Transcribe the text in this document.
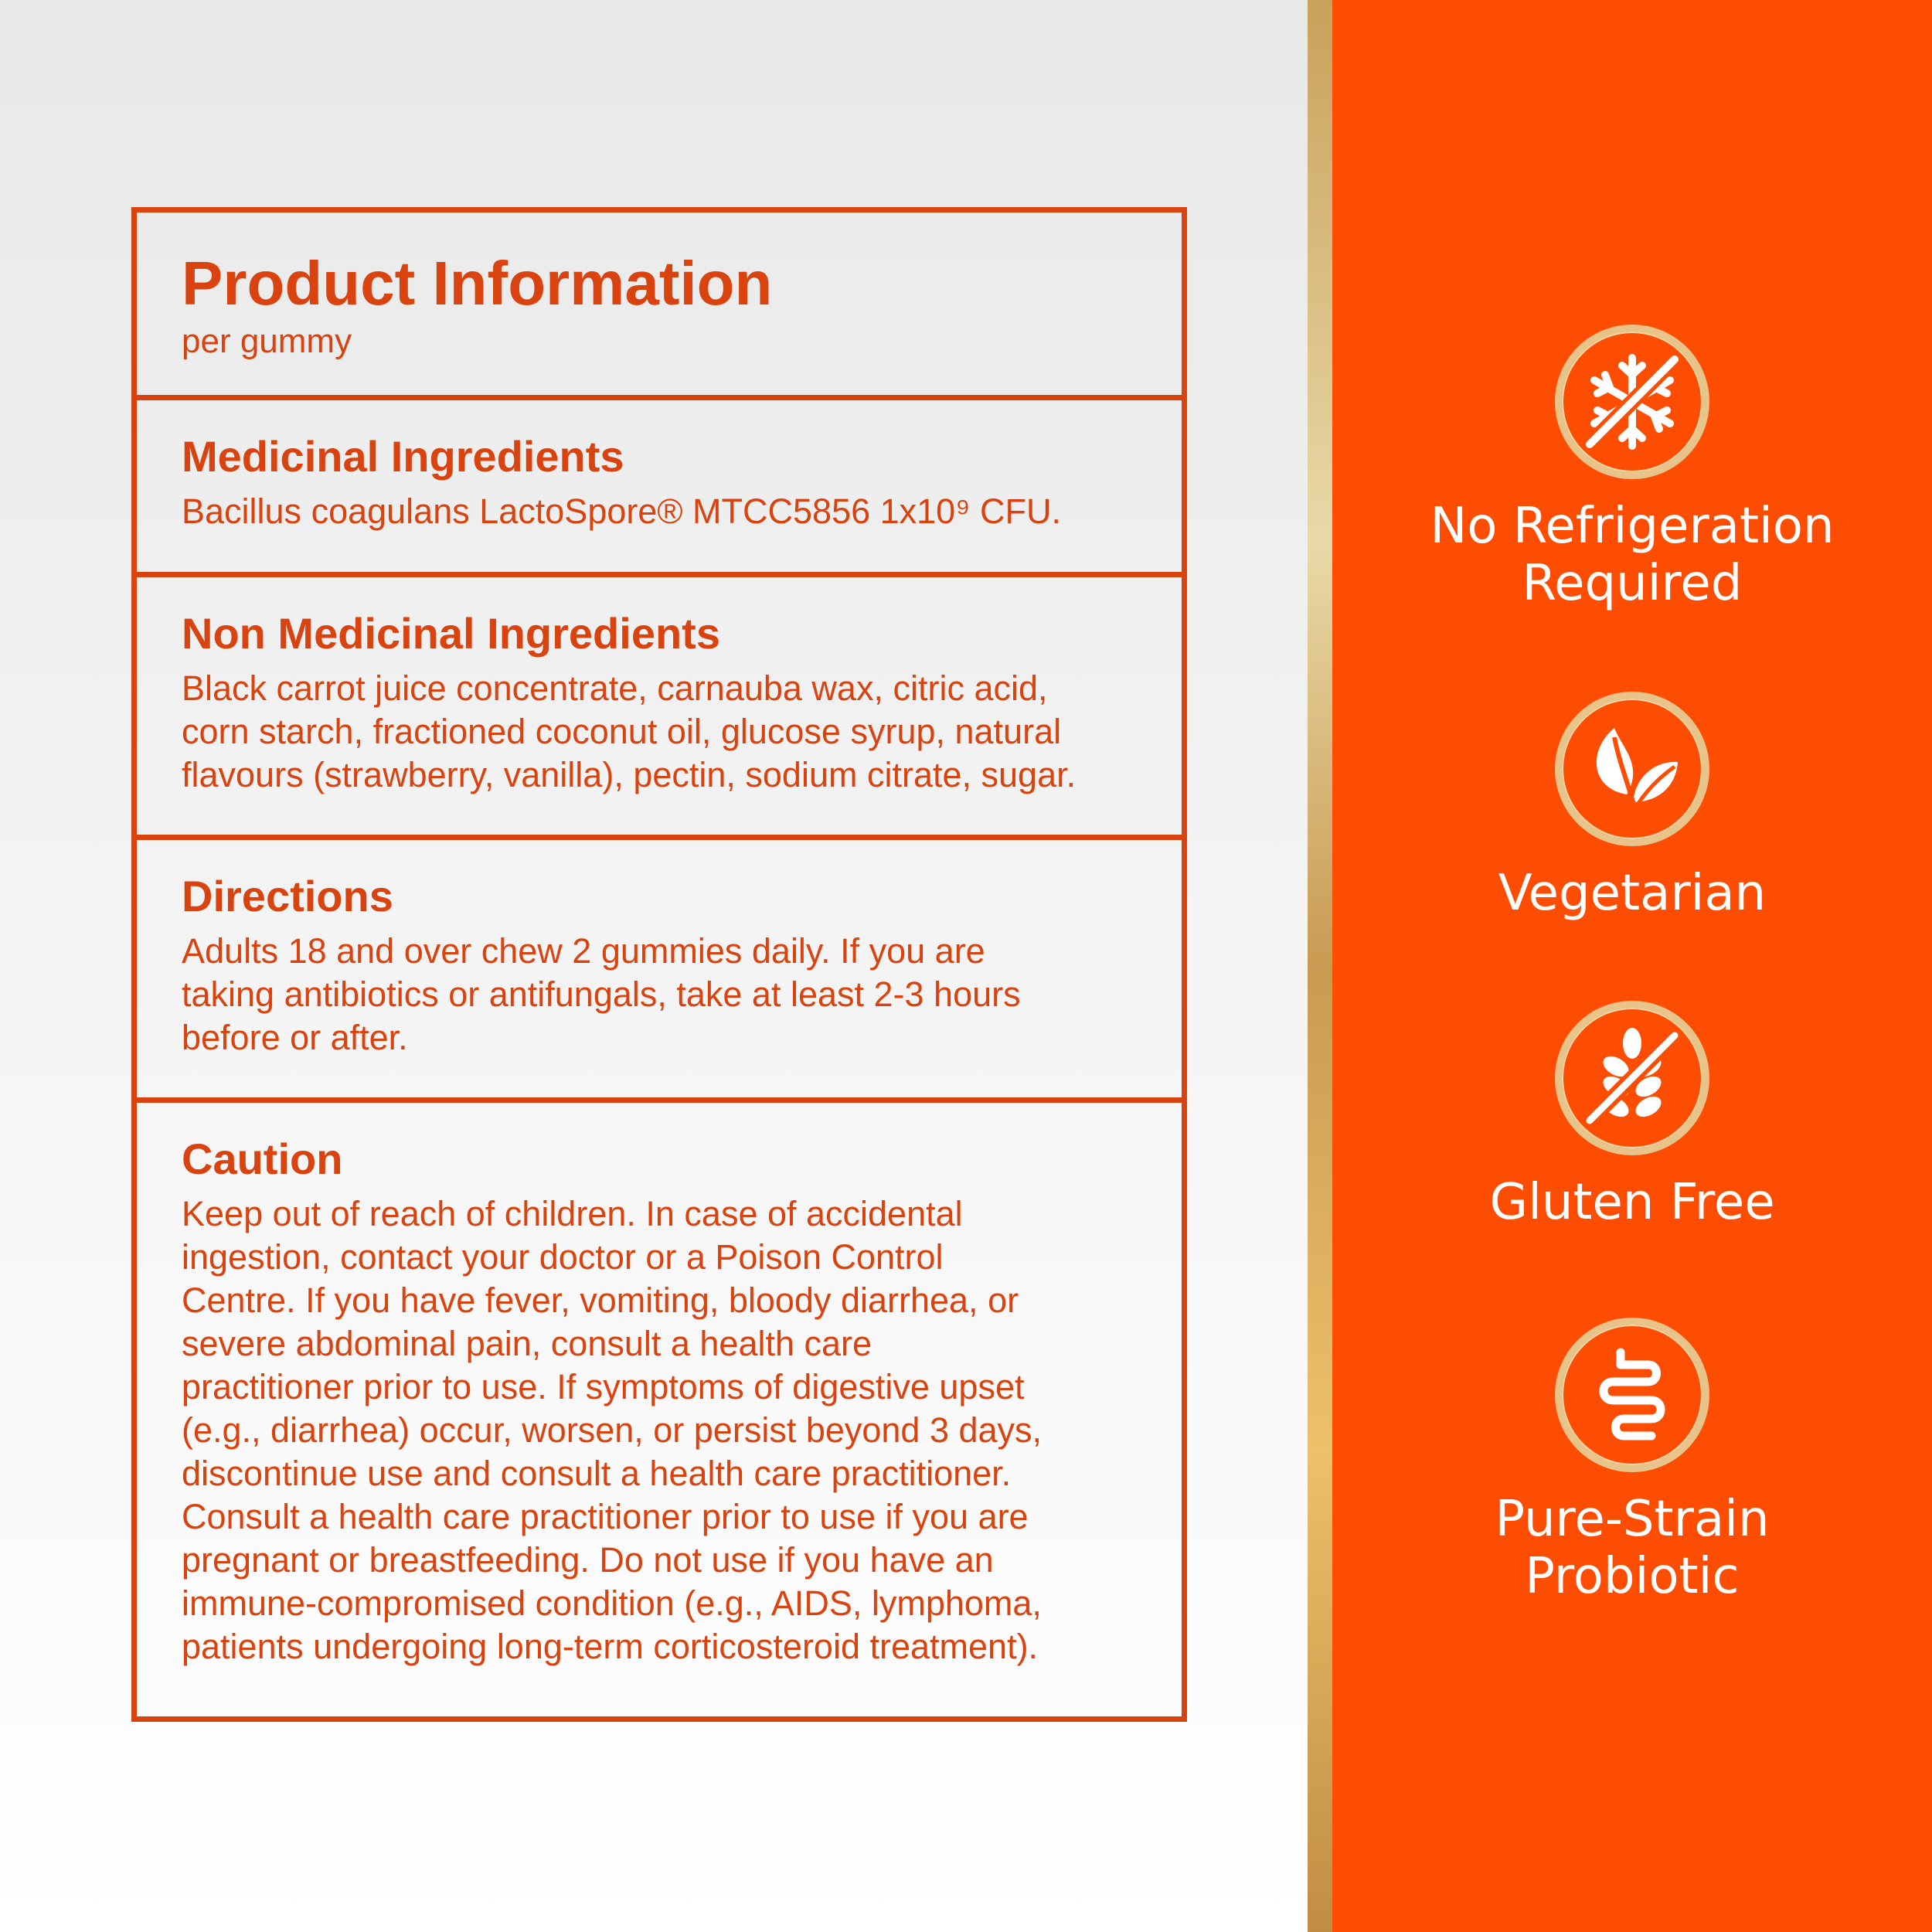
Product Information
per gummy
Medicinal Ingredients
Bacillus coagulans LactoSpore® MTCC5856 1x10⁹ CFU.
Non Medicinal Ingredients
Black carrot juice concentrate, carnauba wax, citric acid,
corn starch, fractioned coconut oil, glucose syrup, natural
flavours (strawberry, vanilla), pectin, sodium citrate, sugar.
Directions
Adults 18 and over chew 2 gummies daily. If you are
taking antibiotics or antifungals, take at least 2-3 hours
before or after.
Caution
Keep out of reach of children. In case of accidental
ingestion, contact your doctor or a Poison Control
Centre. If you have fever, vomiting, bloody diarrhea, or
severe abdominal pain, consult a health care
practitioner prior to use. If symptoms of digestive upset
(e.g., diarrhea) occur, worsen, or persist beyond 3 days,
discontinue use and consult a health care practitioner.
Consult a health care practitioner prior to use if you are
pregnant or breastfeeding. Do not use if you have an
immune-compromised condition (e.g., AIDS, lymphoma,
patients undergoing long-term corticosteroid treatment).
No Refrigeration
Required
Vegetarian
Gluten Free
Pure-Strain
Probiotic
